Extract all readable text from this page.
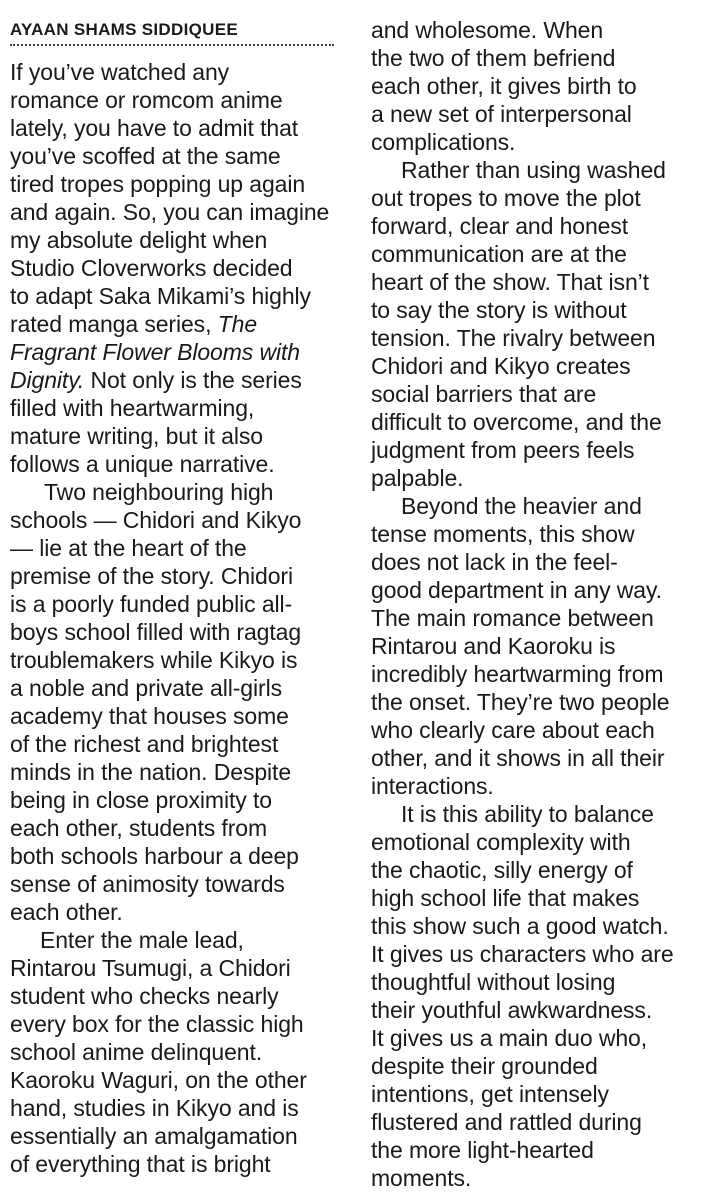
AYAAN SHAMS SIDDIQUEE
If you’ve watched any
romance or romcom anime
lately, you have to admit that
you’ve scoffed at the same
tired tropes popping up again
and again. So, you can imagine
my absolute delight when
Studio Cloverworks decided
to adapt Saka Mikami’s highly
rated manga series, The
Fragrant Flower Blooms with
Dignity. Not only is the series
filled with heartwarming,
mature writing, but it also
follows a unique narrative.
Two neighbouring high
schools — Chidori and Kikyo
— lie at the heart of the
premise of the story. Chidori
is a poorly funded public all-
boys school filled with ragtag
troublemakers while Kikyo is
a noble and private all-girls
academy that houses some
of the richest and brightest
minds in the nation. Despite
being in close proximity to
each other, students from
both schools harbour a deep
sense of animosity towards
each other.
Enter the male lead,
Rintarou Tsumugi, a Chidori
student who checks nearly
every box for the classic high
school anime delinquent.
Kaoroku Waguri, on the other
hand, studies in Kikyo and is
essentially an amalgamation
of everything that is bright
and wholesome. When
the two of them befriend
each other, it gives birth to
a new set of interpersonal
complications.
Rather than using washed
out tropes to move the plot
forward, clear and honest
communication are at the
heart of the show. That isn’t
to say the story is without
tension. The rivalry between
Chidori and Kikyo creates
social barriers that are
difficult to overcome, and the
judgment from peers feels
palpable.
Beyond the heavier and
tense moments, this show
does not lack in the feel-
good department in any way.
The main romance between
Rintarou and Kaoroku is
incredibly heartwarming from
the onset. They’re two people
who clearly care about each
other, and it shows in all their
interactions.
It is this ability to balance
emotional complexity with
the chaotic, silly energy of
high school life that makes
this show such a good watch.
It gives us characters who are
thoughtful without losing
their youthful awkwardness.
It gives us a main duo who,
despite their grounded
intentions, get intensely
flustered and rattled during
the more light-hearted
moments.
